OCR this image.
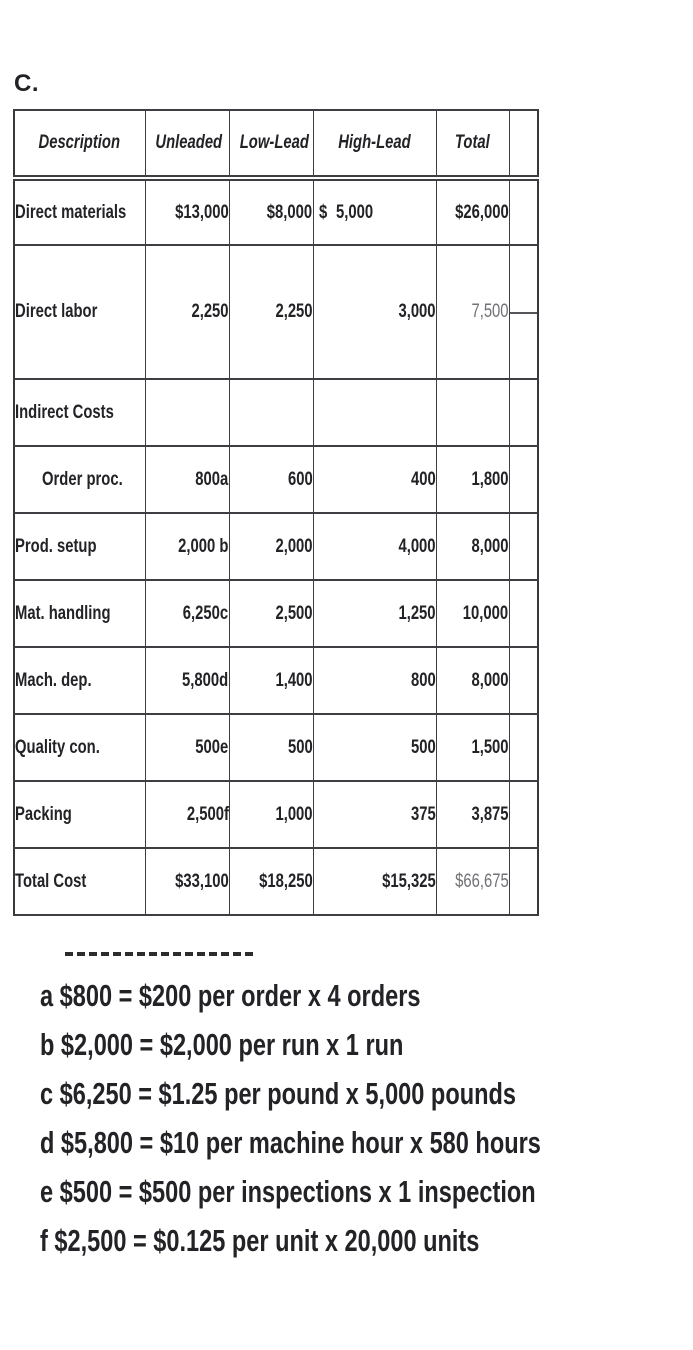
C.
Description	Unleaded	Low-Lead	High-Lead	Total	
Direct materials	$13,000	$8,000	$ 5,000	$26,000	
Direct labor	2,250	2,250	3,000	7,500	
Indirect Costs					
Order proc.	800a	600	400	1,800	
Prod. setup	2,000 b	2,000	4,000	8,000	
Mat. handling	6,250c	2,500	1,250	10,000	
Mach. dep.	5,800d	1,400	800	8,000	
Quality con.	500e	500	500	1,500	
Packing	2,500f	1,000	375	3,875	
Total Cost	$33,100	$18,250	$15,325	$66,675	
a $800 = $200 per order x 4 orders
b $2,000 = $2,000 per run x 1 run
c $6,250 = $1.25 per pound x 5,000 pounds
d $5,800 = $10 per machine hour x 580 hours
e $500 = $500 per inspections x 1 inspection
f $2,500 = $0.125 per unit x 20,000 units
